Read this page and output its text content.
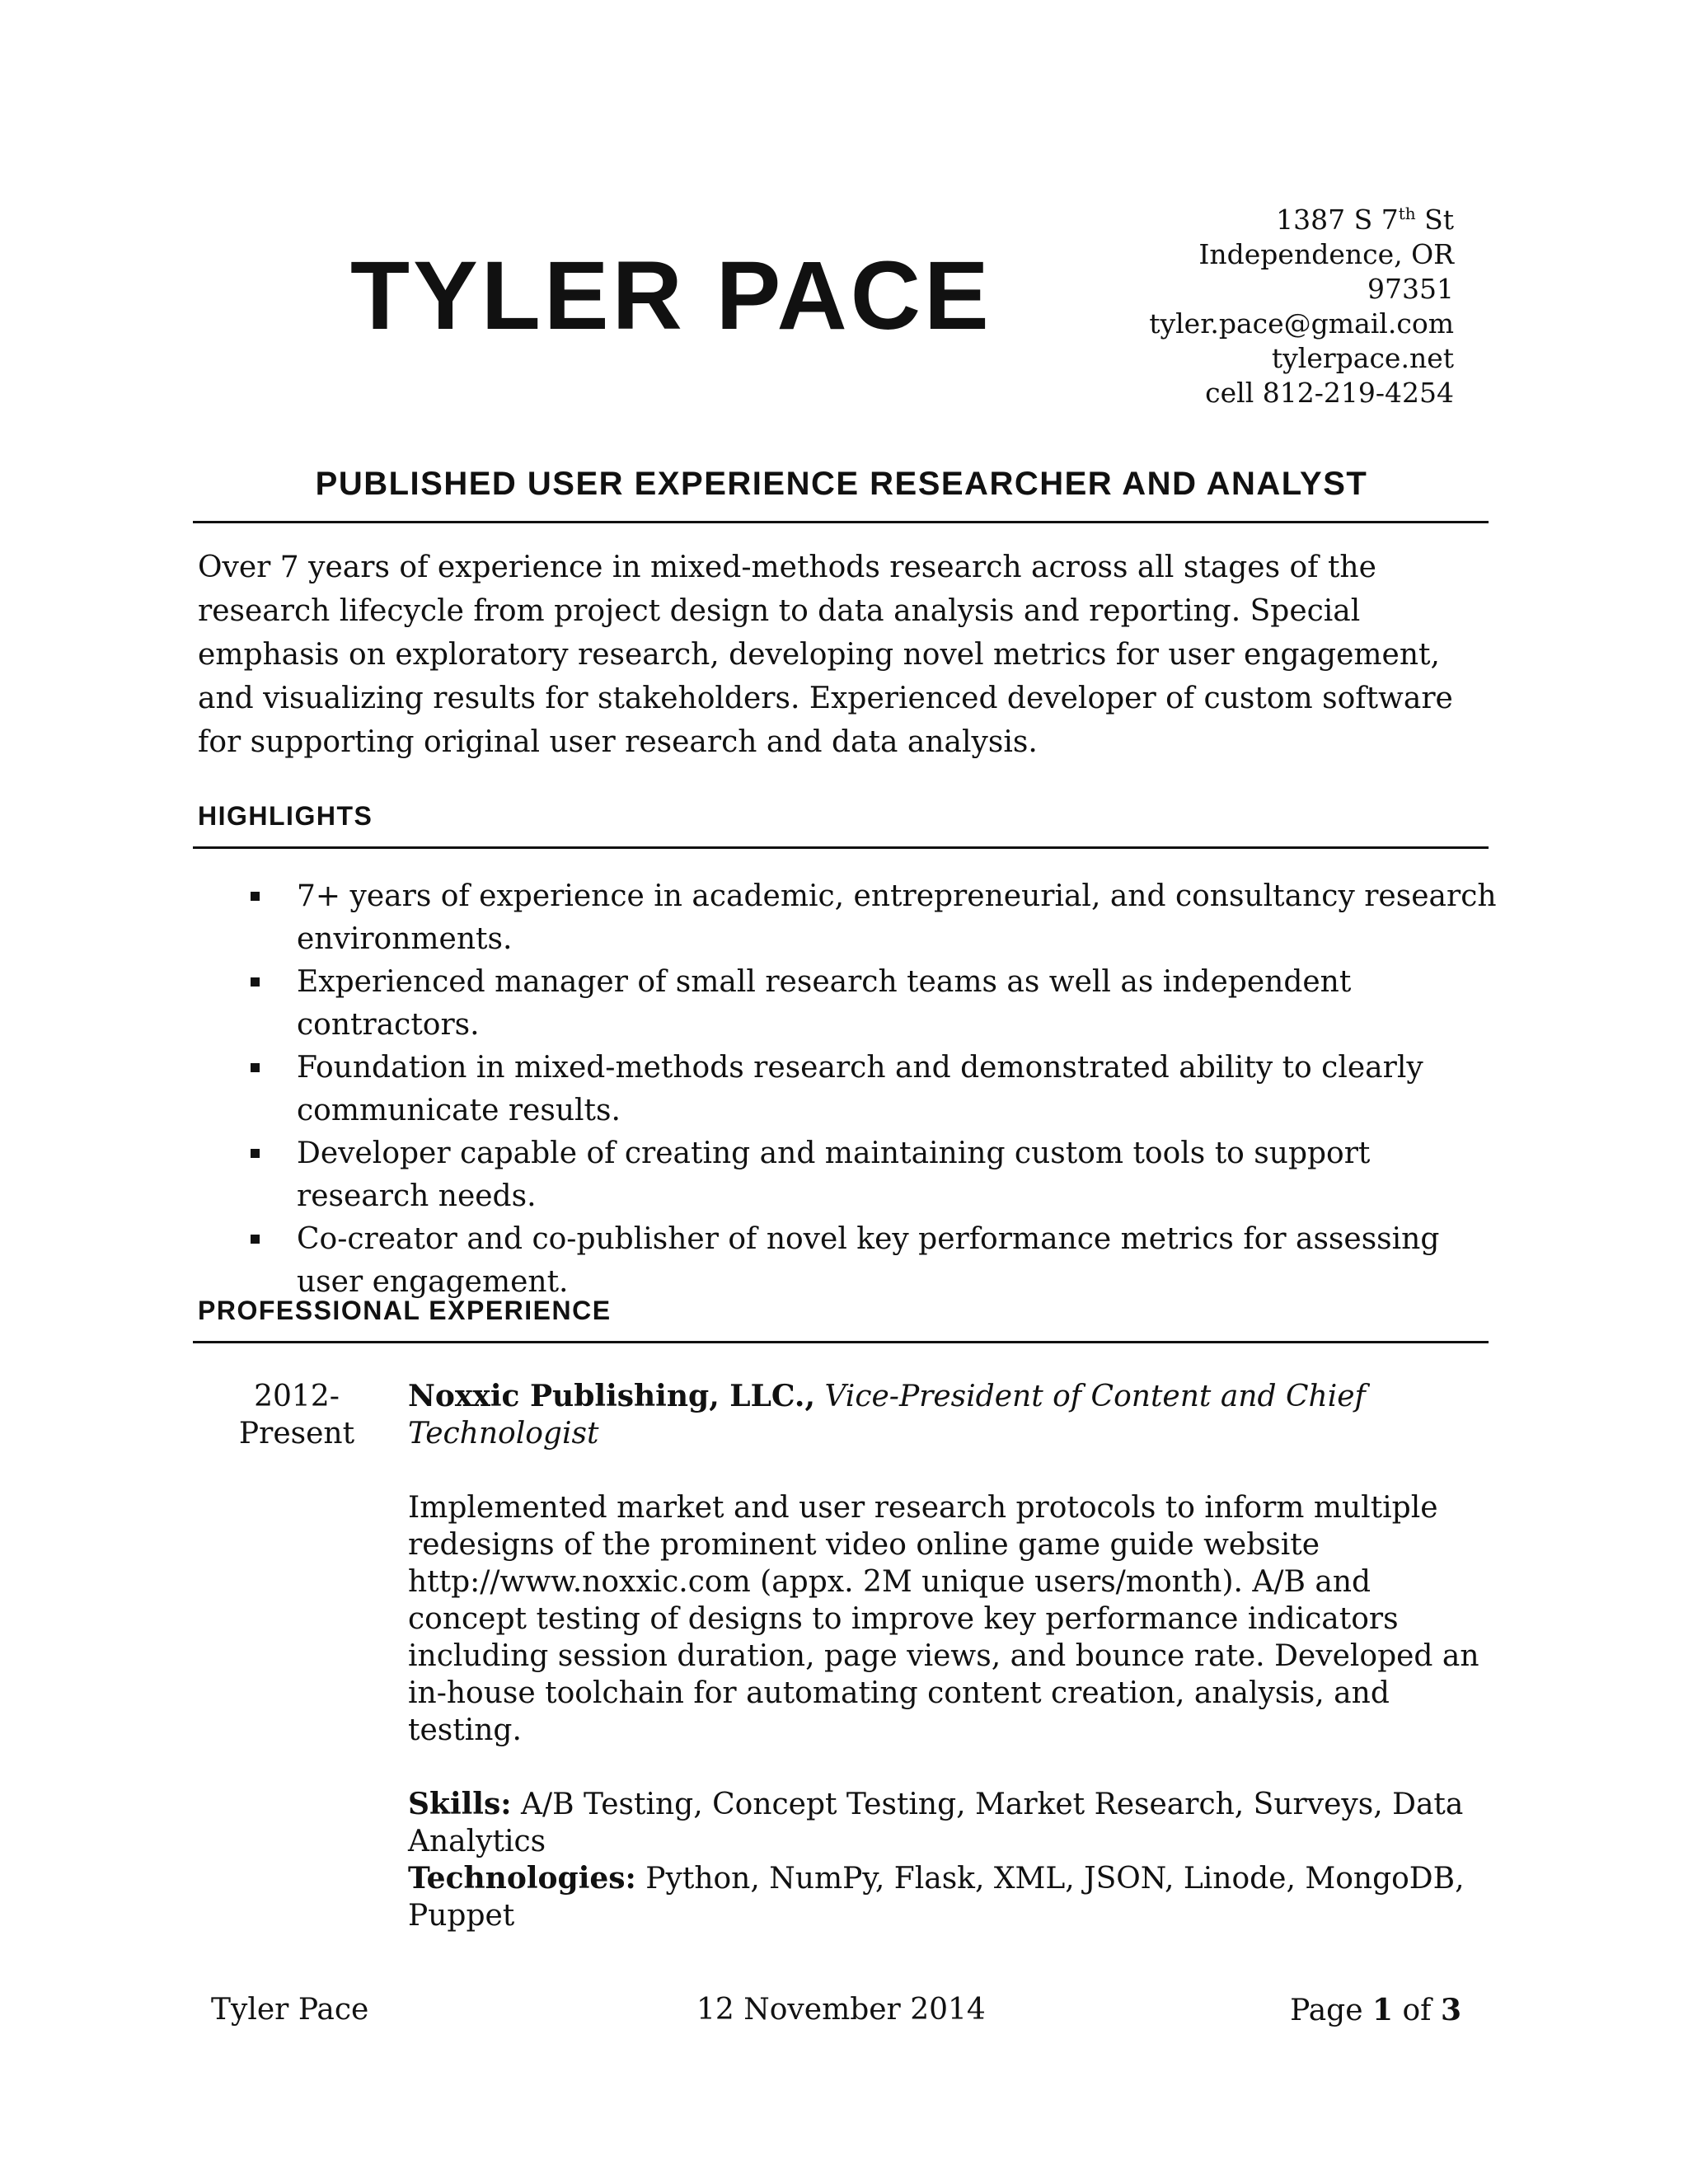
TYLER PACE
1387 S 7th St
Independence, OR
97351
tyler.pace@gmail.com
tylerpace.net
cell 812-219-4254
PUBLISHED USER EXPERIENCE RESEARCHER AND ANALYST
Over 7 years of experience in mixed-methods research across all stages of the research lifecycle from project design to data analysis and reporting. Special emphasis on exploratory research, developing novel metrics for user engagement, and visualizing results for stakeholders. Experienced developer of custom software for supporting original user research and data analysis.
HIGHLIGHTS
7+ years of experience in academic, entrepreneurial, and consultancy research environments.
Experienced manager of small research teams as well as independent contractors.
Foundation in mixed-methods research and demonstrated ability to clearly communicate results.
Developer capable of creating and maintaining custom tools to support research needs.
Co-creator and co-publisher of novel key performance metrics for assessing user engagement.
PROFESSIONAL EXPERIENCE
2012-
Present

Noxxic Publishing, LLC., Vice-President of Content and Chief Technologist

Implemented market and user research protocols to inform multiple redesigns of the prominent video online game guide website http://www.noxxic.com (appx. 2M unique users/month). A/B and concept testing of designs to improve key performance indicators including session duration, page views, and bounce rate. Developed an in-house toolchain for automating content creation, analysis, and testing.

Skills: A/B Testing, Concept Testing, Market Research, Surveys, Data Analytics

Technologies: Python, NumPy, Flask, XML, JSON, Linode, MongoDB, Puppet

Tyler Pace	12 November 2014	Page 1 of 3
